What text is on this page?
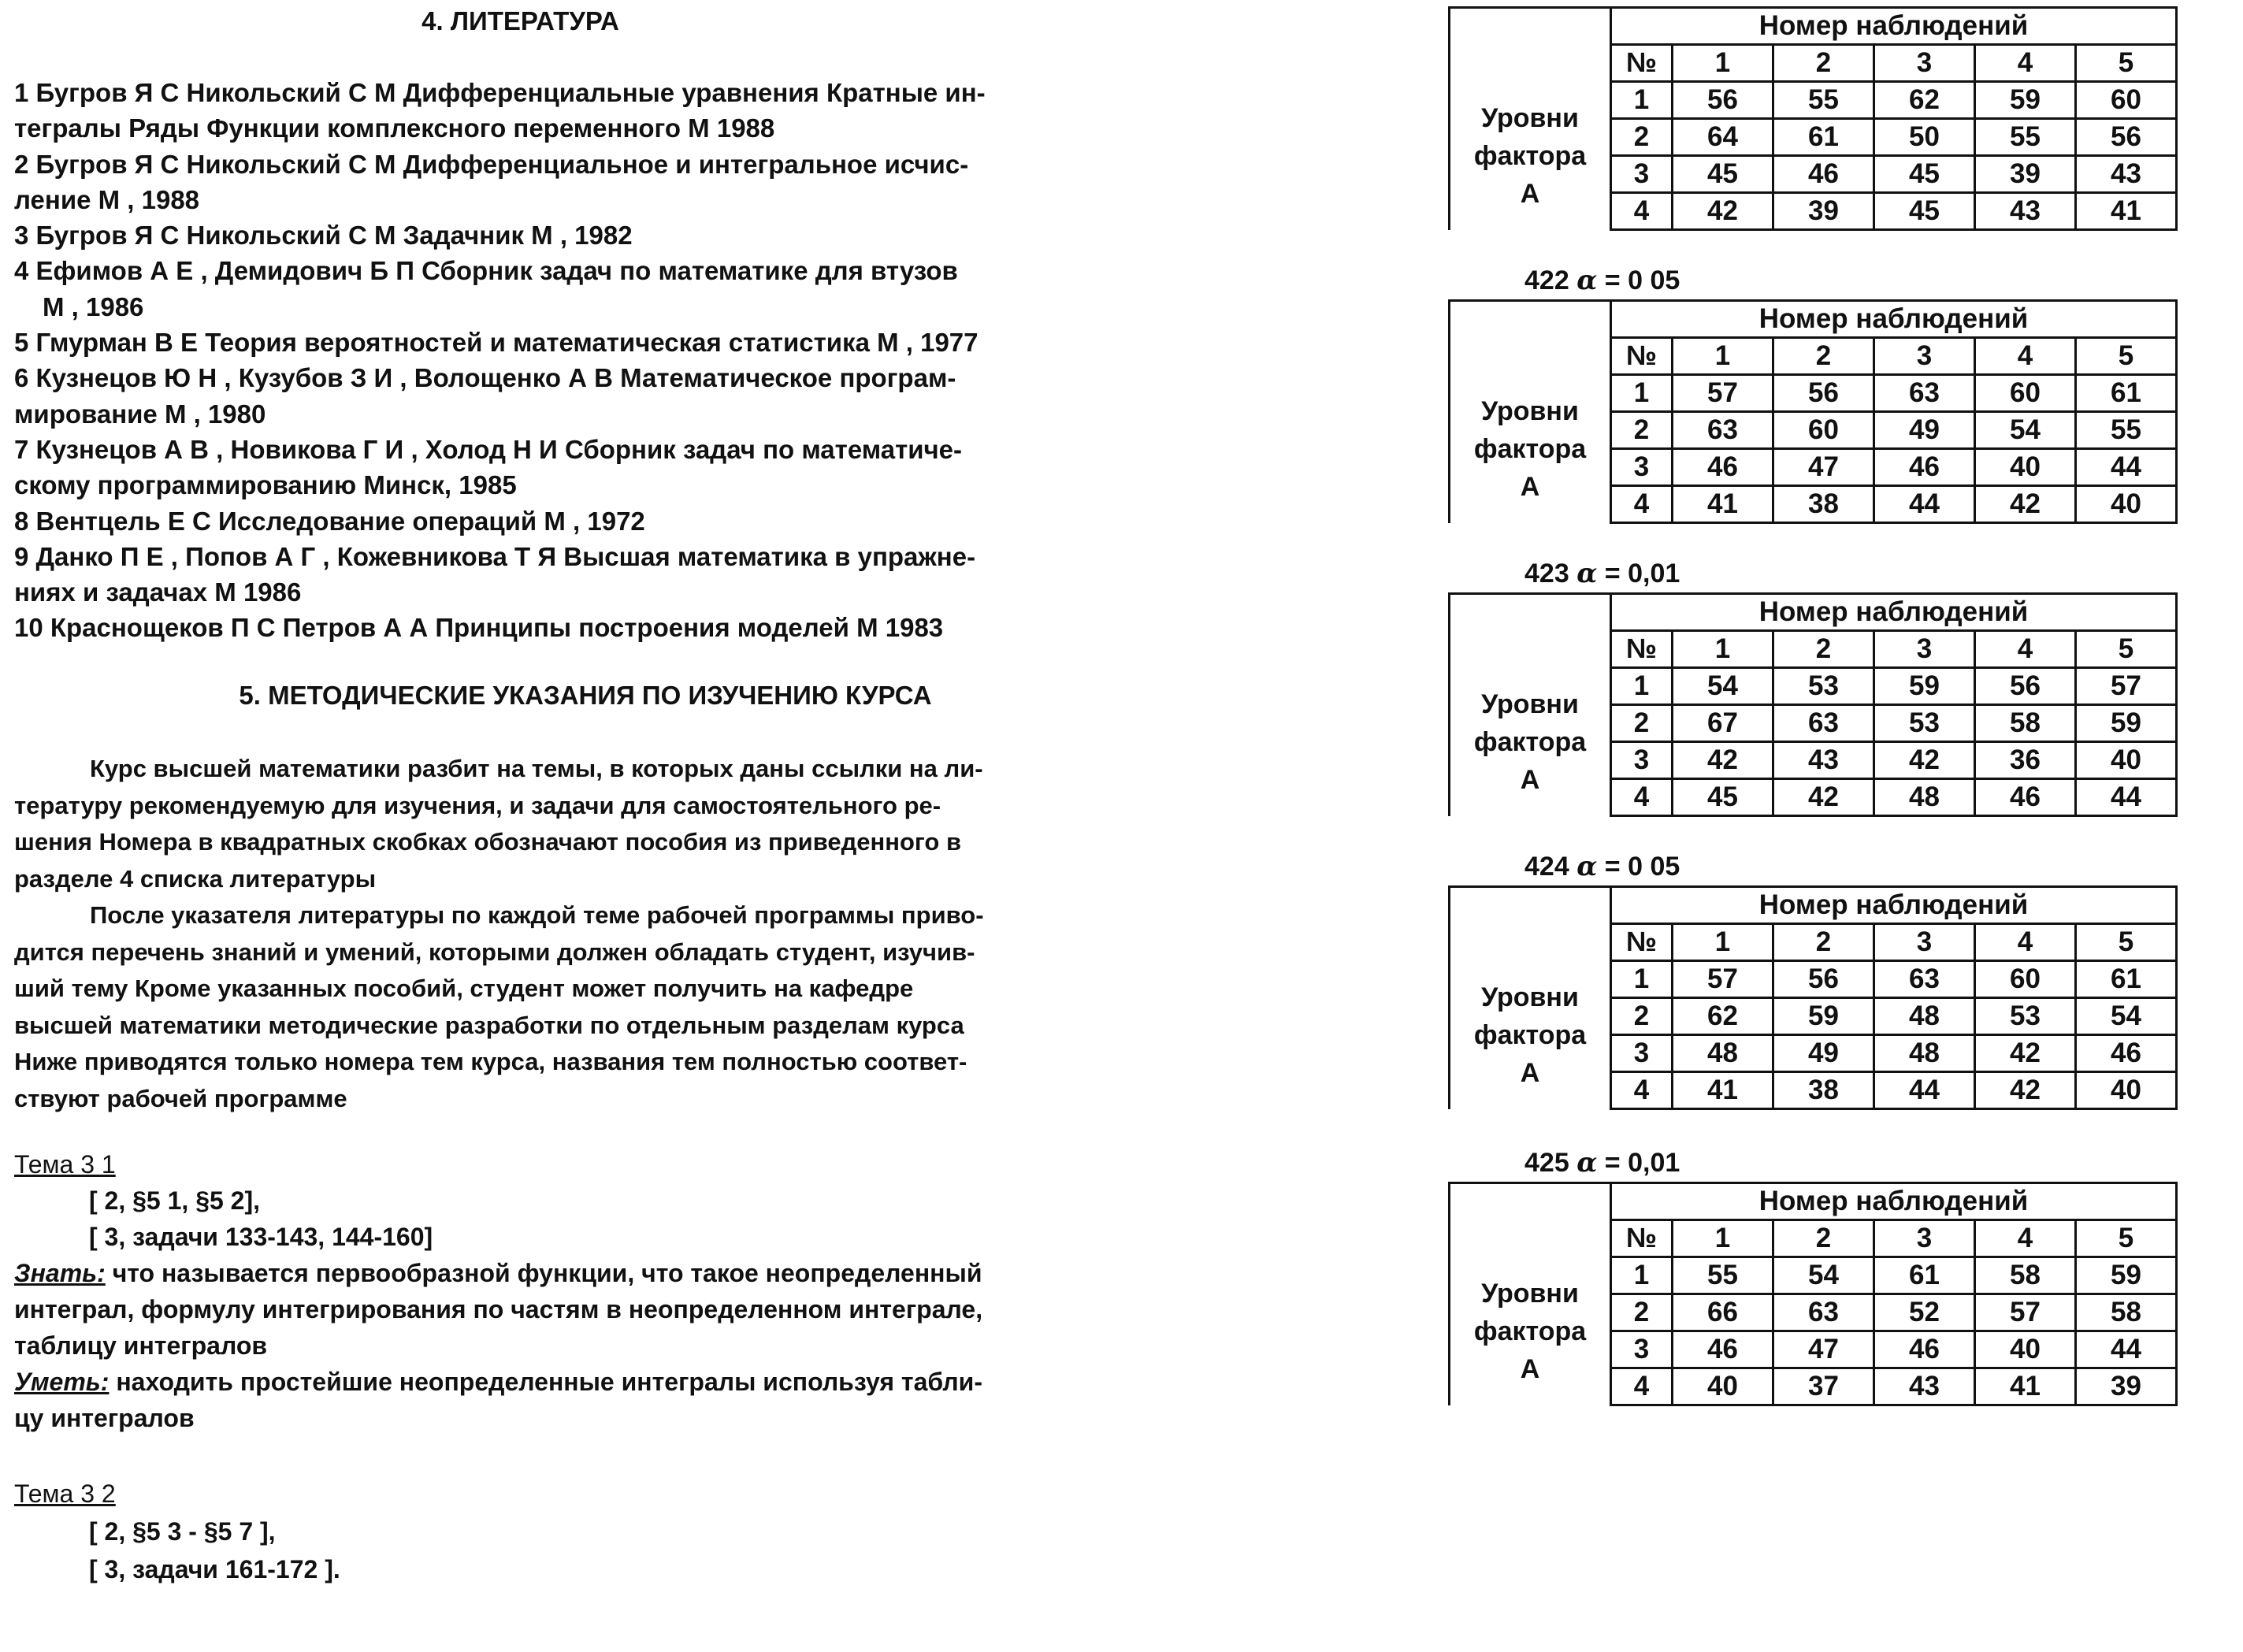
4. ЛИТЕРАТУРА
1 Бугров Я С Никольский С М Дифференциальные уравнения Кратные ин-
тегралы Ряды Функции комплексного переменного М 1988
2 Бугров Я С Никольский С М Дифференциальное и интегральное исчис-
ление М , 1988
3 Бугров Я С Никольский С М Задачник М , 1982
4 Ефимов А Е , Демидович Б П Сборник задач по математике для втузов
М , 1986
5 Гмурман В Е Теория вероятностей и математическая статистика М , 1977
6 Кузнецов Ю Н , Кузубов З И , Волощенко А В Математическое програм-
мирование М , 1980
7 Кузнецов А В , Новикова Г И , Холод Н И Сборник задач по математиче-
скому программированию Минск, 1985
8 Вентцель Е С Исследование операций М , 1972
9 Данко П Е , Попов А Г , Кожевникова Т Я Высшая математика в упражне-
ниях и задачах М 1986
10 Краснощеков П С Петров А А Принципы построения моделей М 1983
5. МЕТОДИЧЕСКИЕ УКАЗАНИЯ ПО ИЗУЧЕНИЮ КУРСА
Курс высшей математики разбит на темы, в которых даны ссылки на ли-
тературу рекомендуемую для изучения, и задачи для самостоятельного ре-
шения Номера в квадратных скобках обозначают пособия из приведенного в
разделе 4 списка литературы
После указателя литературы по каждой теме рабочей программы приво-
дится перечень знаний и умений, которыми должен обладать студент, изучив-
ший тему Кроме указанных пособий, студент может получить на кафедре
высшей математики методические разработки по отдельным разделам курса
Ниже приводятся только номера тем курса, названия тем полностью соответ-
ствуют рабочей программе
Тема 3 1
[ 2, §5 1, §5 2],
[ 3, задачи 133-143, 144-160]
Знать: что называется первообразной функции, что такое неопределенный
интеграл, формулу интегрирования по частям в неопределенном интеграле,
таблицу интегралов
Уметь: находить простейшие неопределенные интегралы используя табли-
цу интегралов
Тема 3 2
[ 2, §5 3 - §5 7 ],
[ 3, задачи 161-172 ].
	Номер наблюдений					
	№	1	2	3	4	5

Уровни
фактора
А	1	56	55	62	59	60
	2	64	61	50	55	56
	3	45	46	45	39	43
	4	42	39	45	43	41
422 α = 0 05
	Номер наблюдений					
	№	1	2	3	4	5

Уровни
фактора
А	1	57	56	63	60	61
	2	63	60	49	54	55
	3	46	47	46	40	44
	4	41	38	44	42	40
423 α = 0,01
	Номер наблюдений					
	№	1	2	3	4	5

Уровни
фактора
А	1	54	53	59	56	57
	2	67	63	53	58	59
	3	42	43	42	36	40
	4	45	42	48	46	44
424 α = 0 05
	Номер наблюдений					
	№	1	2	3	4	5

Уровни
фактора
А	1	57	56	63	60	61
	2	62	59	48	53	54
	3	48	49	48	42	46
	4	41	38	44	42	40
425 α = 0,01
	Номер наблюдений					
	№	1	2	3	4	5

Уровни
фактора
А	1	55	54	61	58	59
	2	66	63	52	57	58
	3	46	47	46	40	44
	4	40	37	43	41	39
